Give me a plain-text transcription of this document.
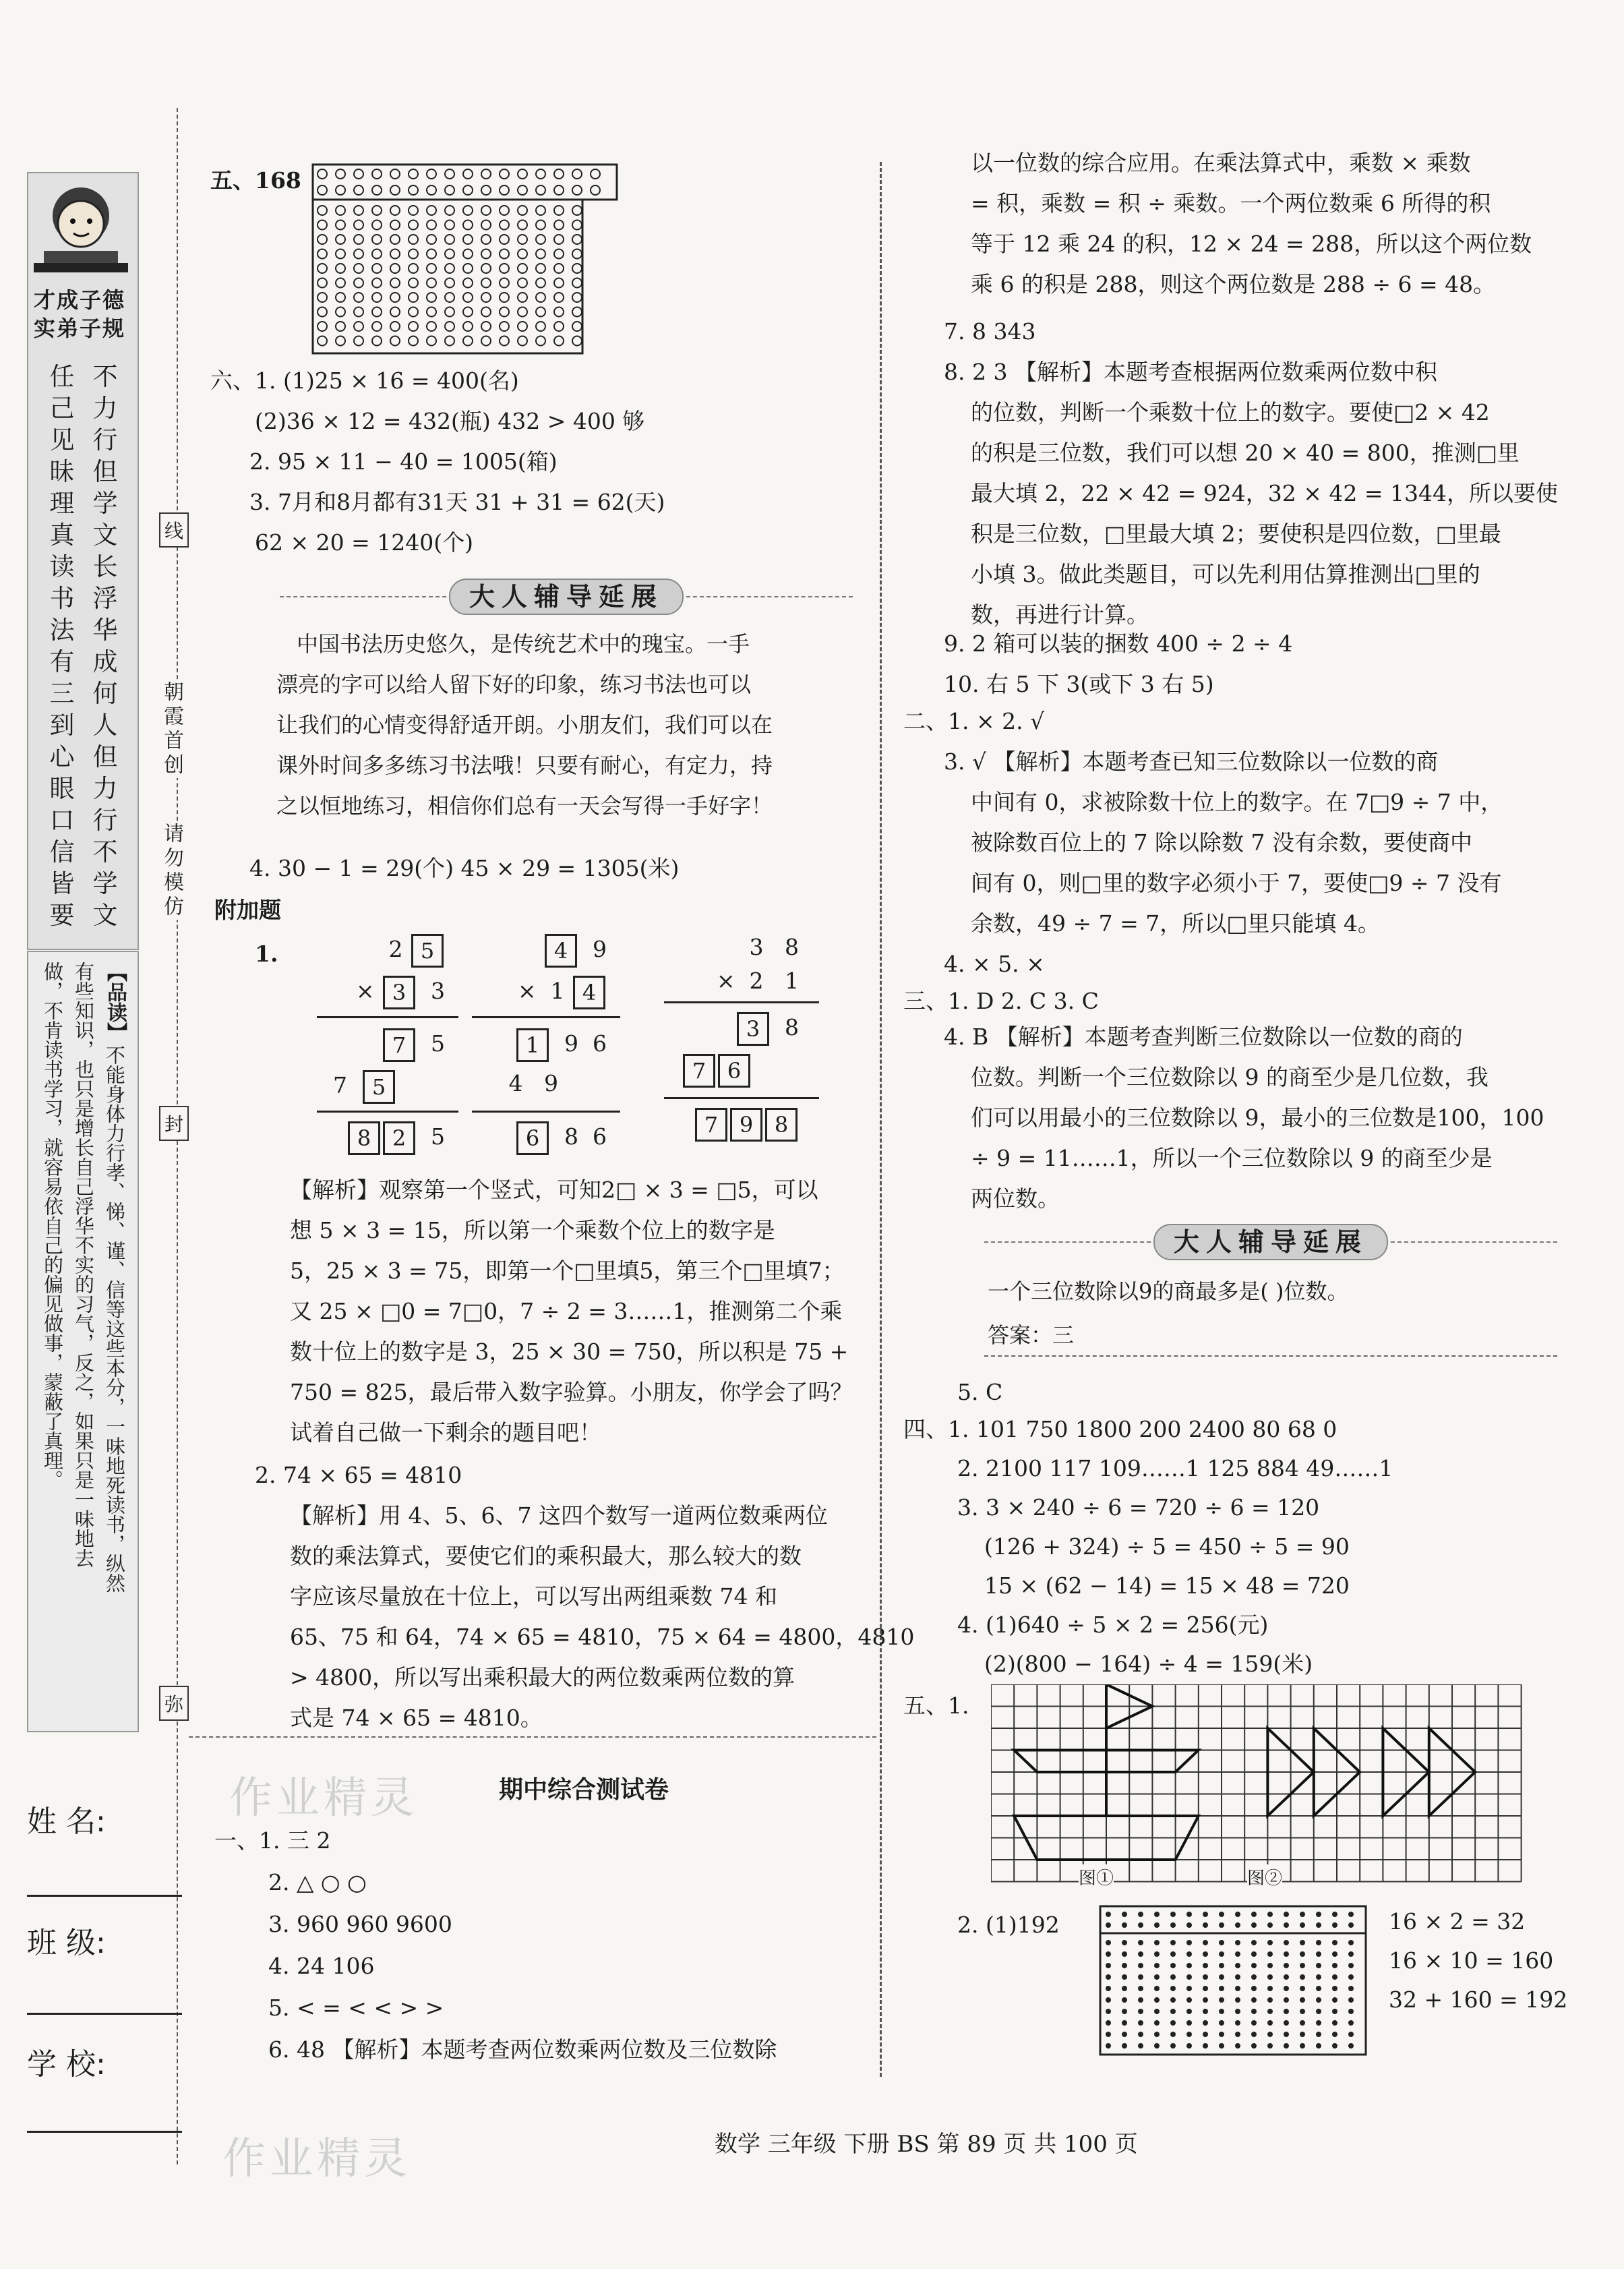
才成子德
实弟子规
任己见
昧理真
读书法
有三到
心眼口
信皆要
不力行
但学文
长浮华
成何人
但力行
不学文
【品读】
不能身体力行孝、悌、谨、信等这些本分，一味地死读书，纵然
有些知识，也只是增长自己浮华不实的习气，反之，如果只是一味地去
做，不肯读书学习，就容易依自己的偏见做事，蒙蔽了真理。
线
朝霞首创
请勿模仿
封
弥
姓 名:
班 级:
学 校:
五、168
六、1. (1)25 × 16 = 400(名)
(2)36 × 12 = 432(瓶) 432 > 400 够
2. 95 × 11 − 40 = 1005(箱)
3. 7月和8月都有31天 31 + 31 = 62(天)
62 × 20 = 1240(个)
大人辅导延展
中国书法历史悠久，是传统艺术中的瑰宝。一手
漂亮的字可以给人留下好的印象，练习书法也可以
让我们的心情变得舒适开朗。小朋友们，我们可以在
课外时间多多练习书法哦！只要有耐心，有定力，持
之以恒地练习，相信你们总有一天会写得一手好字！
4. 30 − 1 = 29(个) 45 × 29 = 1305(米)
附加题
1.	2 5
× 3 3
7 5
7 5
8 2 5
4 9
× 1 4
1 9 6
4 9
6 8 6
3 8
× 2 1
3 8
7 6
7 9 8
【解析】观察第一个竖式，可知2□ × 3 = □5，可以
想 5 × 3 = 15，所以第一个乘数个位上的数字是
5，25 × 3 = 75，即第一个□里填5，第三个□里填7；
又 25 × □0 = 7□0，7 ÷ 2 = 3……1，推测第二个乘
数十位上的数字是 3，25 × 30 = 750，所以积是 75 +
750 = 825，最后带入数字验算。小朋友，你学会了吗？
试着自己做一下剩余的题目吧！
2. 74 × 65 = 4810
【解析】用 4、5、6、7 这四个数写一道两位数乘两位
数的乘法算式，要使它们的乘积最大，那么较大的数
字应该尽量放在十位上，可以写出两组乘数 74 和
65、75 和 64，74 × 65 = 4810，75 × 64 = 4800，4810
> 4800，所以写出乘积最大的两位数乘两位数的算
式是 74 × 65 = 4810。
作业精灵	期中综合测试卷
一、1. 三 2
2. △ ○ ○
3. 960 960 9600
4. 24 106
5. < = < < > >
6. 48 【解析】本题考查两位数乘两位数及三位数除
以一位数的综合应用。在乘法算式中，乘数 × 乘数
= 积，乘数 = 积 ÷ 乘数。一个两位数乘 6 所得的积
等于 12 乘 24 的积，12 × 24 = 288，所以这个两位数
乘 6 的积是 288，则这个两位数是 288 ÷ 6 = 48。
7. 8 343
8. 2 3 【解析】本题考查根据两位数乘两位数中积
的位数，判断一个乘数十位上的数字。要使□2 × 42
的积是三位数，我们可以想 20 × 40 = 800，推测□里
最大填 2，22 × 42 = 924，32 × 42 = 1344，所以要使
积是三位数，□里最大填 2；要使积是四位数，□里最
小填 3。做此类题目，可以先利用估算推测出□里的
数，再进行计算。
9. 2 箱可以装的捆数 400 ÷ 2 ÷ 4
10. 右 5 下 3(或下 3 右 5)
二、1. × 2. √
3. √ 【解析】本题考查已知三位数除以一位数的商
中间有 0，求被除数十位上的数字。在 7□9 ÷ 7 中，
被除数百位上的 7 除以除数 7 没有余数，要使商中
间有 0，则□里的数字必须小于 7，要使□9 ÷ 7 没有
余数，49 ÷ 7 = 7，所以□里只能填 4。
4. × 5. ×
三、1. D 2. C 3. C
4. B 【解析】本题考查判断三位数除以一位数的商的
位数。判断一个三位数除以 9 的商至少是几位数，我
们可以用最小的三位数除以 9，最小的三位数是100，100
÷ 9 = 11……1，所以一个三位数除以 9 的商至少是
两位数。
大人辅导延展
一个三位数除以9的商最多是( )位数。
答案：三
5. C
四、1. 101 750 1800 200 2400 80 68 0
2. 2100 117 109……1 125 884 49……1
3. 3 × 240 ÷ 6 = 720 ÷ 6 = 120
(126 + 324) ÷ 5 = 450 ÷ 5 = 90
15 × (62 − 14) = 15 × 48 = 720
4. (1)640 ÷ 5 × 2 = 256(元)
(2)(800 − 164) ÷ 4 = 159(米)
五、1.
图①	图②
2. (1)192	16 × 2 = 32
16 × 10 = 160
32 + 160 = 192
作业精灵	数学 三年级 下册 BS 第 89 页 共 100 页
